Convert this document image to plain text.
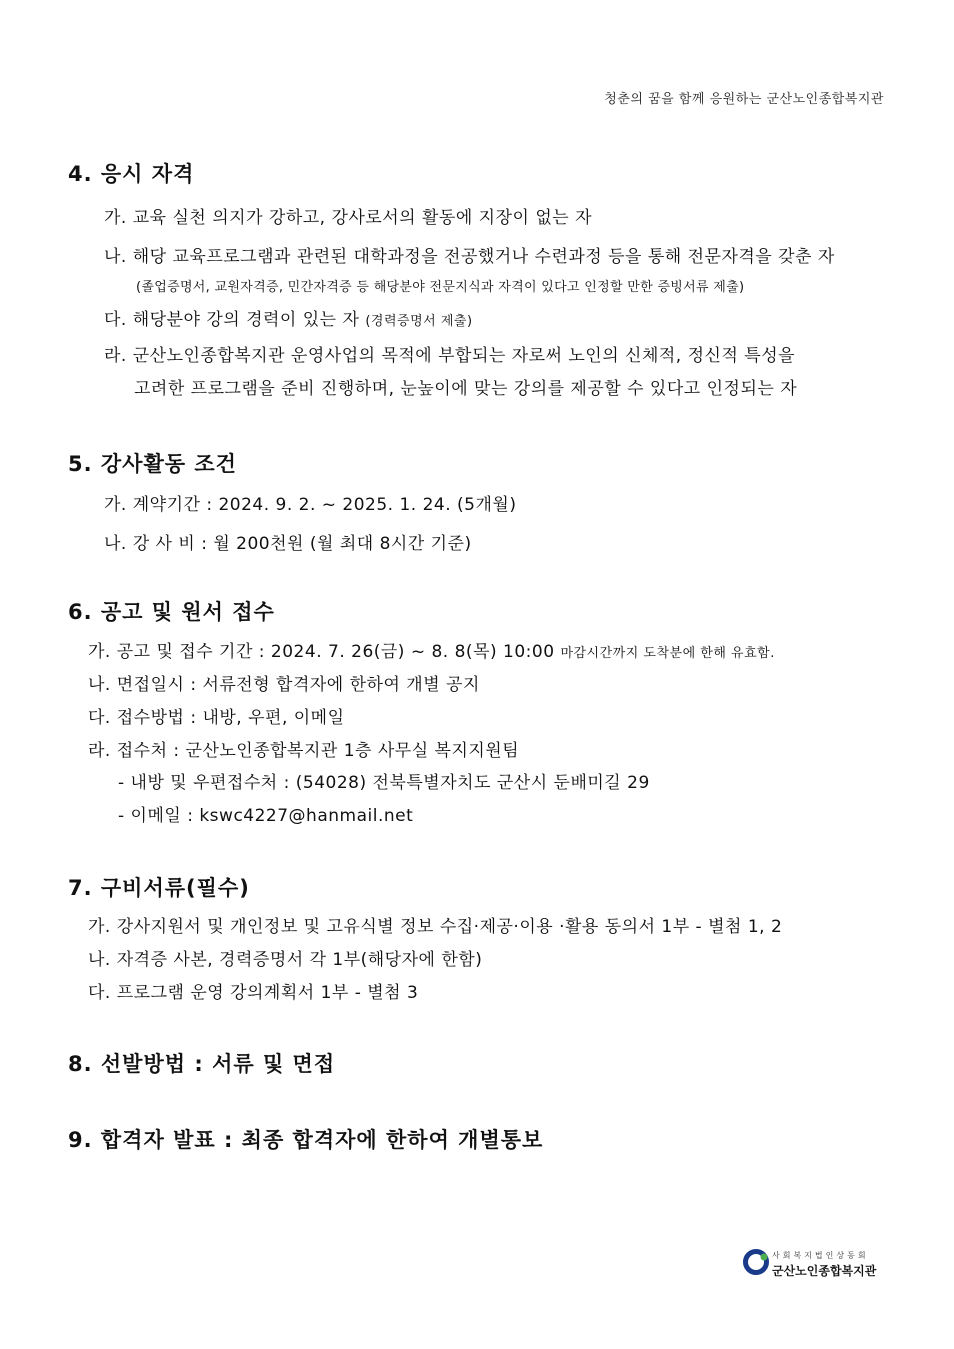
청춘의 꿈을 함께 응원하는 군산노인종합복지관
4. 응시 자격
가. 교육 실천 의지가 강하고, 강사로서의 활동에 지장이 없는 자
나. 해당 교육프로그램과 관련된 대학과정을 전공했거나 수련과정 등을 통해 전문자격을 갖춘 자
(졸업증명서, 교원자격증, 민간자격증 등 해당분야 전문지식과 자격이 있다고 인정할 만한 증빙서류 제출)
다. 해당분야 강의 경력이 있는 자 (경력증명서 제출)
라. 군산노인종합복지관 운영사업의 목적에 부합되는 자로써 노인의 신체적, 정신적 특성을
고려한 프로그램을 준비 진행하며, 눈높이에 맞는 강의를 제공할 수 있다고 인정되는 자
5. 강사활동 조건
가. 계약기간 : 2024. 9. 2. ~ 2025. 1. 24. (5개월)
나. 강 사 비 : 월 200천원 (월 최대 8시간 기준)
6. 공고 및 원서 접수
가. 공고 및 접수 기간 : 2024. 7. 26(금) ~ 8. 8(목) 10:00 마감시간까지 도착분에 한해 유효함.
나. 면접일시 : 서류전형 합격자에 한하여 개별 공지
다. 접수방법 : 내방, 우편, 이메일
라. 접수처 : 군산노인종합복지관 1층 사무실 복지지원팀
- 내방 및 우편접수처 : (54028) 전북특별자치도 군산시 둔배미길 29
- 이메일 : kswc4227@hanmail.net
7. 구비서류(필수)
가. 강사지원서 및 개인정보 및 고유식별 정보 수집·제공·이용 ·활용 동의서 1부 - 별첨 1, 2
나. 자격증 사본, 경력증명서 각 1부(해당자에 한함)
다. 프로그램 운영 강의계획서 1부 - 별첨 3
8. 선발방법 : 서류 및 면접
9. 합격자 발표 : 최종 합격자에 한하여 개별통보
사회복지법인상동회
군산노인종합복지관
